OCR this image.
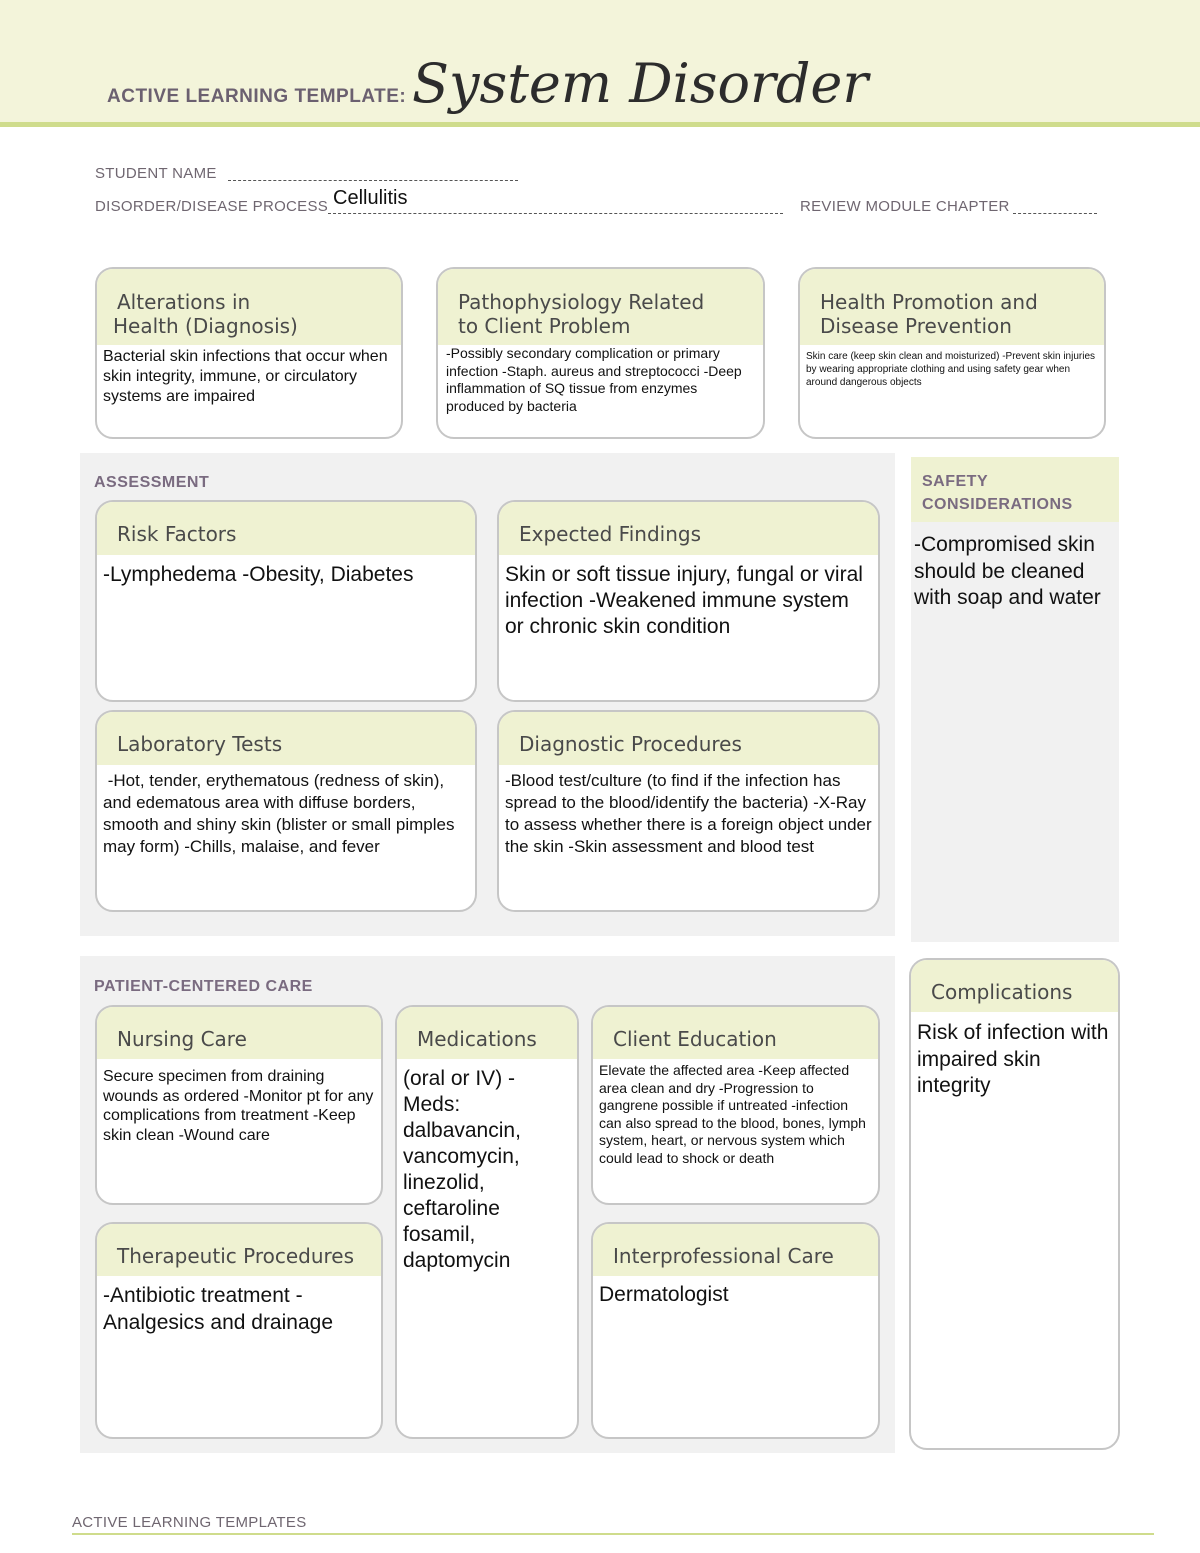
ACTIVE LEARNING TEMPLATE: System Disorder
STUDENT NAME
DISORDER/DISEASE PROCESS Cellulitis	REVIEW MODULE CHAPTER
Alterations in
Health (Diagnosis)
Bacterial skin infections that occur when skin integrity, immune, or circulatory systems are impaired
Pathophysiology Related
to Client Problem
-Possibly secondary complication or primary infection -Staph. aureus and streptococci -Deep inflammation of SQ tissue from enzymes produced by bacteria
Health Promotion and
Disease Prevention
Skin care (keep skin clean and moisturized) -Prevent skin injuries by wearing appropriate clothing and using safety gear when around dangerous objects
ASSESSMENT
Risk Factors
-Lymphedema -Obesity, Diabetes
Expected Findings
Skin or soft tissue injury, fungal or viral infection -Weakened immune system or chronic skin condition
Laboratory Tests
-Hot, tender, erythematous (redness of skin), and edematous area with diffuse borders, smooth and shiny skin (blister or small pimples may form) -Chills, malaise, and fever
Diagnostic Procedures
-Blood test/culture (to find if the infection has spread to the blood/identify the bacteria) -X-Ray to assess whether there is a foreign object under the skin -Skin assessment and blood test
SAFETY
CONSIDERATIONS
-Compromised skin should be cleaned with soap and water
PATIENT-CENTERED CARE
Nursing Care
Secure specimen from draining wounds as ordered -Monitor pt for any complications from treatment -Keep skin clean -Wound care
Medications
(oral or IV) -Meds: dalbavancin, vancomycin, linezolid, ceftaroline fosamil, daptomycin
Client Education
Elevate the affected area -Keep affected area clean and dry -Progression to gangrene possible if untreated -infection can also spread to the blood, bones, lymph system, heart, or nervous system which could lead to shock or death
Therapeutic Procedures
-Antibiotic treatment -Analgesics and drainage
Interprofessional Care
Dermatologist
Complications
Risk of infection with impaired skin integrity
ACTIVE LEARNING TEMPLATES
